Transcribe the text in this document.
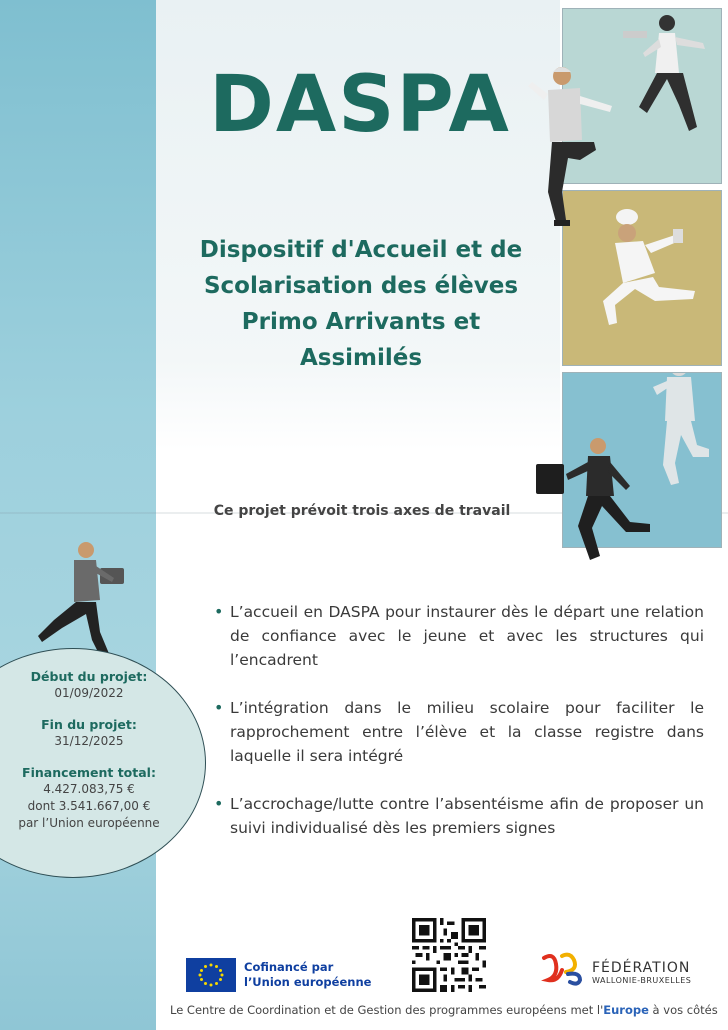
DASPA
Dispositif d'Accueil et de
Scolarisation des élèves
Primo Arrivants et
Assimilés
Ce projet prévoit trois axes de travail
• L’accueil en DASPA pour instaurer dès le départ une relation de confiance avec le jeune et avec les structures qui l’encadrent
• L’intégration dans le milieu scolaire pour faciliter le rapprochement entre l’élève et la classe registre dans laquelle il sera intégré
• L’accrochage/lutte contre l’absentéisme afin de proposer un suivi individualisé dès les premiers signes
Début du projet:
01/09/2022
Fin du projet:
31/12/2025
Financement total:
4.427.083,75 €
dont 3.541.667,00 €
par l’Union européenne
Cofinancé par
l’Union européenne
FÉDÉRATION
WALLONIE-BRUXELLES
Le Centre de Coordination et de Gestion des programmes européens met l'Europe à vos côtés
